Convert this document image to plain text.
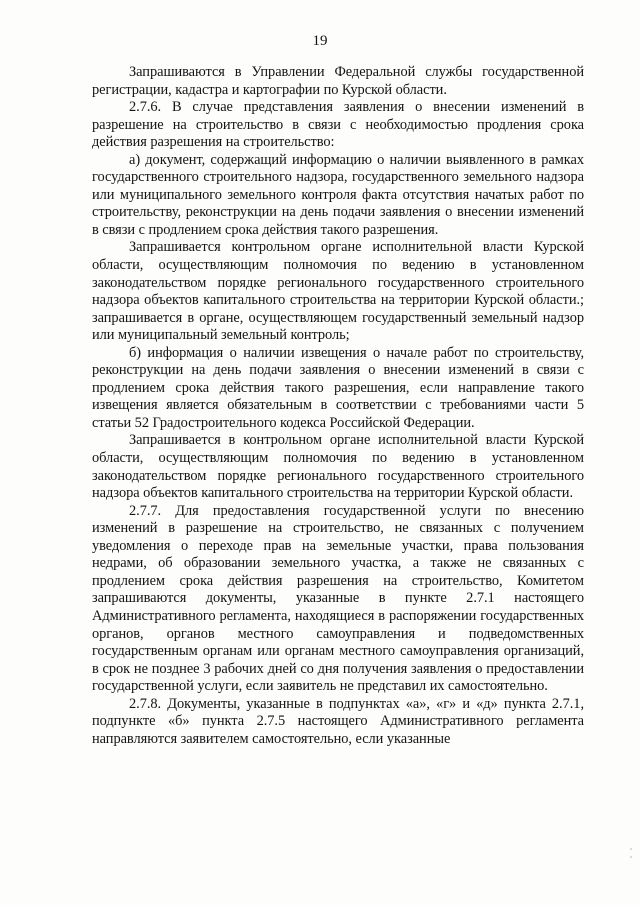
19

Запрашиваются в Управлении Федеральной службы государственной регистрации, кадастра и картографии по Курской области.

2.7.6. В случае представления заявления о внесении изменений в разрешение на строительство в связи с необходимостью продления срока действия разрешения на строительство:

а) документ, содержащий информацию о наличии выявленного в рамках государственного строительного надзора, государственного земельного надзора или муниципального земельного контроля факта отсутствия начатых работ по строительству, реконструкции на день подачи заявления о внесении изменений в связи с продлением срока действия такого разрешения.

Запрашивается контрольном органе исполнительной власти Курской области, осуществляющим полномочия по ведению в установленном законодательством порядке регионального государственного строительного надзора объектов капитального строительства на территории Курской области.; запрашивается в органе, осуществляющем государственный земельный надзор или муниципальный земельный контроль;

б) информация о наличии извещения о начале работ по строительству, реконструкции на день подачи заявления о внесении изменений в связи с продлением срока действия такого разрешения, если направление такого извещения является обязательным в соответствии с требованиями части 5 статьи 52 Градостроительного кодекса Российской Федерации.

Запрашивается в контрольном органе исполнительной власти Курской области, осуществляющим полномочия по ведению в установленном законодательством порядке регионального государственного строительного надзора объектов капитального строительства на территории Курской области.

2.7.7. Для предоставления государственной услуги по внесению изменений в разрешение на строительство, не связанных с получением уведомления о переходе прав на земельные участки, права пользования недрами, об образовании земельного участка, а также не связанных с продлением срока действия разрешения на строительство, Комитетом запрашиваются документы, указанные в пункте 2.7.1 настоящего Административного регламента, находящиеся в распоряжении государственных органов, органов местного самоуправления и подведомственных государственным органам или органам местного самоуправления организаций, в срок не позднее 3 рабочих дней со дня получения заявления о предоставлении государственной услуги, если заявитель не представил их самостоятельно.

2.7.8. Документы, указанные в подпунктах «а», «г» и «д» пункта 2.7.1, подпункте «б» пункта 2.7.5 настоящего Административного регламента направляются заявителем самостоятельно, если указанные
